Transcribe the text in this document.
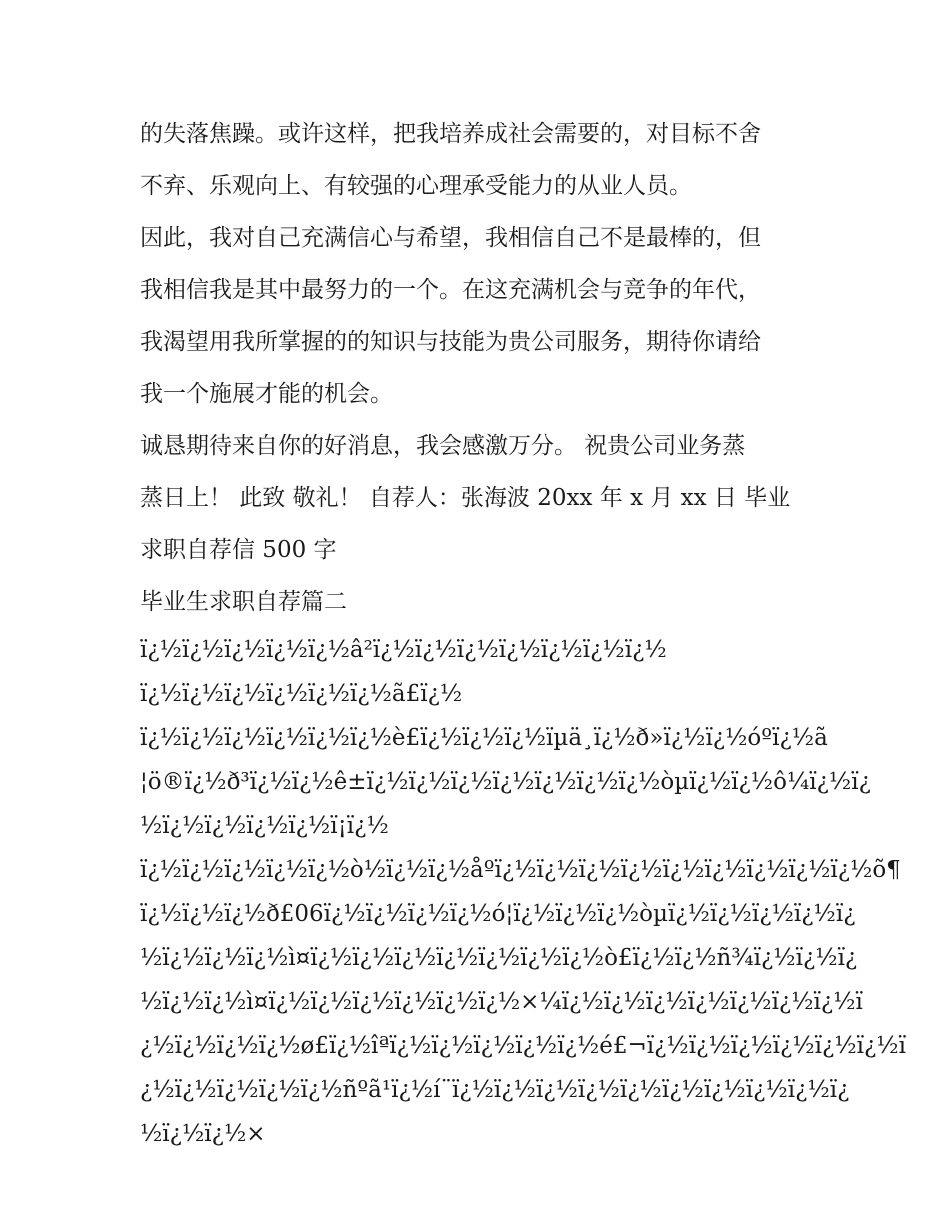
的失落焦躁。或许这样，把我培养成社会需要的，对目标不舍
不弃、乐观向上、有较强的心理承受能力的从业人员。
因此，我对自己充满信心与希望，我相信自己不是最棒的，但
我相信我是其中最努力的一个。在这充满机会与竞争的年代，
我渴望用我所掌握的的知识与技能为贵公司服务，期待你请给
我一个施展才能的机会。
诚恳期待来自你的好消息，我会感激万分。 祝贵公司业务蒸
蒸日上！ 此致 敬礼！ 自荐人：张海波 20xx 年 x 月 xx 日 毕业
求职自荐信 500 字
毕业生求职自荐篇二
ï¿½ï¿½ï¿½ï¿½ï¿½â²ï¿½ï¿½ï¿½ï¿½ï¿½ï¿½ï¿½
ï¿½ï¿½ï¿½ï¿½ï¿½ï¿½ã£ï¿½
ï¿½ï¿½ï¿½ï¿½ï¿½ï¿½è£ï¿½ï¿½ï¿½ïµä¸ï¿½ð»ï¿½ï¿½óºï¿½ã
¦ö®ï¿½ð³ï¿½ï¿½ê±ï¿½ï¿½ï¿½ï¿½ï¿½ï¿½ï¿½òµï¿½ï¿½ô¼ï¿½ï¿
½ï¿½ï¿½ï¿½ï¿½ï¡ï¿½
ï¿½ï¿½ï¿½ï¿½ï¿½ò½ï¿½ï¿½åºï¿½ï¿½ï¿½ï¿½ï¿½ï¿½ï¿½ï¿½ï¿½õ¶
ï¿½ï¿½ï¿½ð£06ï¿½ï¿½ï¿½ï¿½ó¦ï¿½ï¿½ï¿½òµï¿½ï¿½ï¿½ï¿½ï¿
½ï¿½ï¿½ï¿½ì¤ï¿½ï¿½ï¿½ï¿½ï¿½ï¿½ï¿½ò£ï¿½ï¿½ñ¾ï¿½ï¿½ï¿
½ï¿½ï¿½ì¤ï¿½ï¿½ï¿½ï¿½ï¿½ï¿½×¼ï¿½ï¿½ï¿½ï¿½ï¿½ï¿½ï¿½ï
¿½ï¿½ï¿½ï¿½ø£ï¿½îªï¿½ï¿½ï¿½ï¿½ï¿½é£¬ï¿½ï¿½ï¿½ï¿½ï¿½ï¿½ï
¿½ï¿½ï¿½ï¿½ï¿½ñºã¹ï¿½í¨ï¿½ï¿½ï¿½ï¿½ï¿½ï¿½ï¿½ï¿½ï¿½ï¿
½ï¿½ï¿½×
